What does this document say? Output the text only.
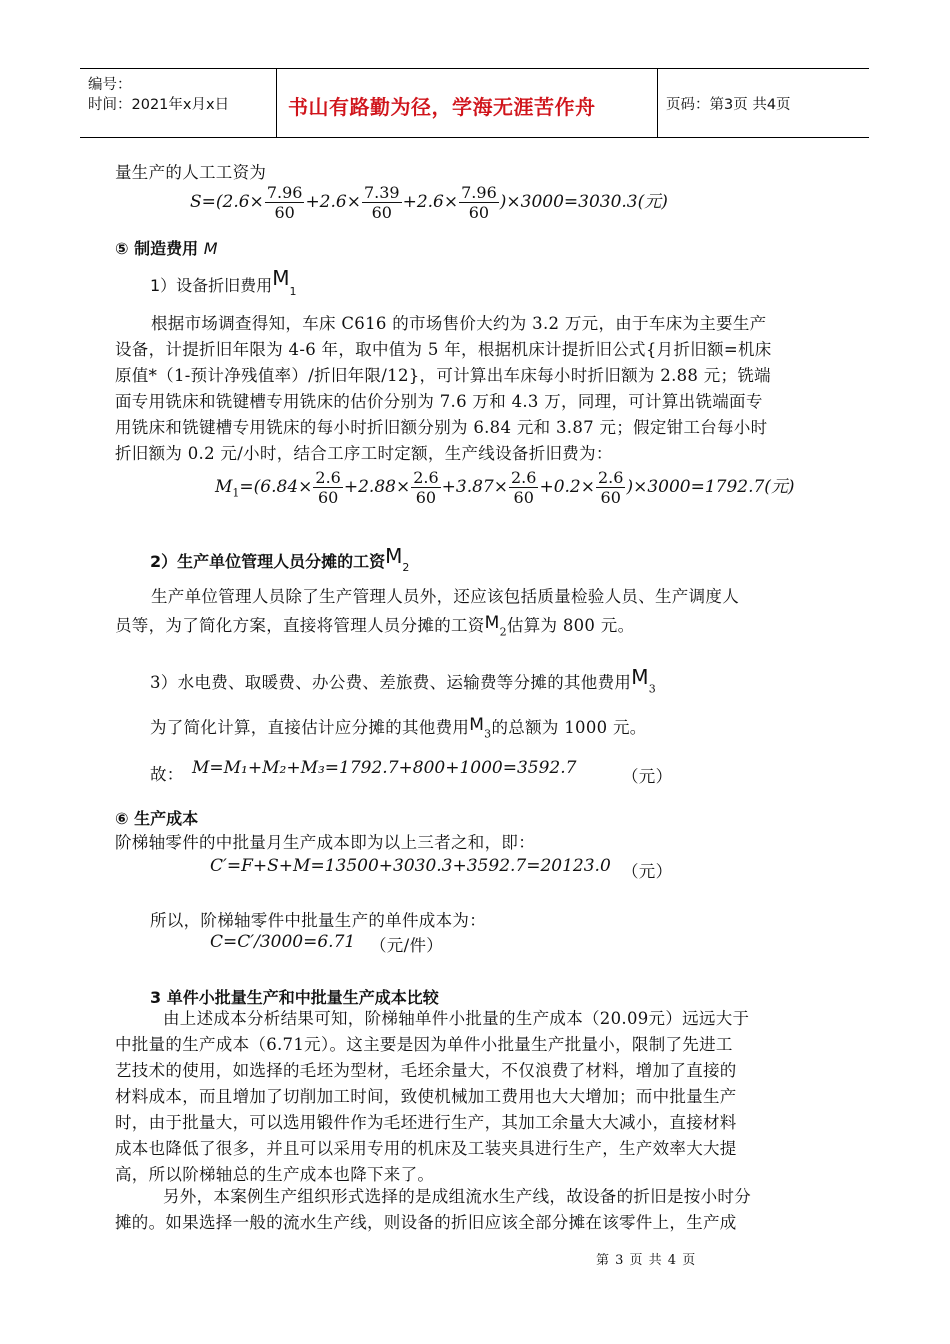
编号：
时间：2021年x月x日	书山有路勤为径，学海无涯苦作舟	页码：第3页 共4页
量生产的人工工资为
$S=(2.6\times \frac{7.96}{60} +2.6\times \frac{7.39}{60} +2.6\times \frac{7.96}{60} )\times 3000=3030.3$(元)
⑤ 制造费用 M
1）设备折旧费用$M_1$
根据市场调查得知，车床 C616 的市场售价大约为 3.2 万元，由于车床为主要生产
设备，计提折旧年限为 4-6 年，取中值为 5 年，根据机床计提折旧公式{月折旧额=机床
原值*（1-预计净残值率）/折旧年限/12}，可计算出车床每小时折旧额为 2.88 元；铣端
面专用铣床和铣键槽专用铣床的估价分别为 7.6 万和 4.3 万，同理，可计算出铣端面专
用铣床和铣键槽专用铣床的每小时折旧额分别为 6.84 元和 3.87 元；假定钳工台每小时
折旧额为 0.2 元/小时，结合工序工时定额，生产线设备折旧费为：
$M_1=(6.84\times \frac{2.6}{60} +2.88\times \frac{2.6}{60} +3.87\times \frac{2.6}{60} +0.2\times \frac{2.6}{60} )\times 3000=1792.7$(元)
2）生产单位管理人员分摊的工资$M_2$
生产单位管理人员除了生产管理人员外，还应该包括质量检验人员、生产调度人
员等，为了简化方案，直接将管理人员分摊的工资$M_2$估算为 800 元。
3）水电费、取暖费、办公费、差旅费、运输费等分摊的其他费用$M_3$
为了简化计算，直接估计应分摊的其他费用$M_3$的总额为 1000 元。
故： M=M₁+M₂+M₃=1792.7+800+1000=3592.7	（元）
⑥ 生产成本
阶梯轴零件的中批量月生产成本即为以上三者之和，即：
C′=F+S+M=13500+3030.3+3592.7=20123.0 （元）
所以，阶梯轴零件中批量生产的单件成本为：
C=C′/3000=6.71 （元/件）
3 单件小批量生产和中批量生产成本比较
由上述成本分析结果可知，阶梯轴单件小批量的生产成本（20.09元）远远大于
中批量的生产成本（6.71元）。这主要是因为单件小批量生产批量小，限制了先进工
艺技术的使用，如选择的毛坯为型材，毛坯余量大，不仅浪费了材料，增加了直接的
材料成本，而且增加了切削加工时间，致使机械加工费用也大大增加；而中批量生产
时，由于批量大，可以选用锻件作为毛坯进行生产，其加工余量大大减小，直接材料
成本也降低了很多，并且可以采用专用的机床及工装夹具进行生产，生产效率大大提
高，所以阶梯轴总的生产成本也降下来了。
另外，本案例生产组织形式选择的是成组流水生产线，故设备的折旧是按小时分
摊的。如果选择一般的流水生产线，则设备的折旧应该全部分摊在该零件上，生产成
第 3 页 共 4 页
